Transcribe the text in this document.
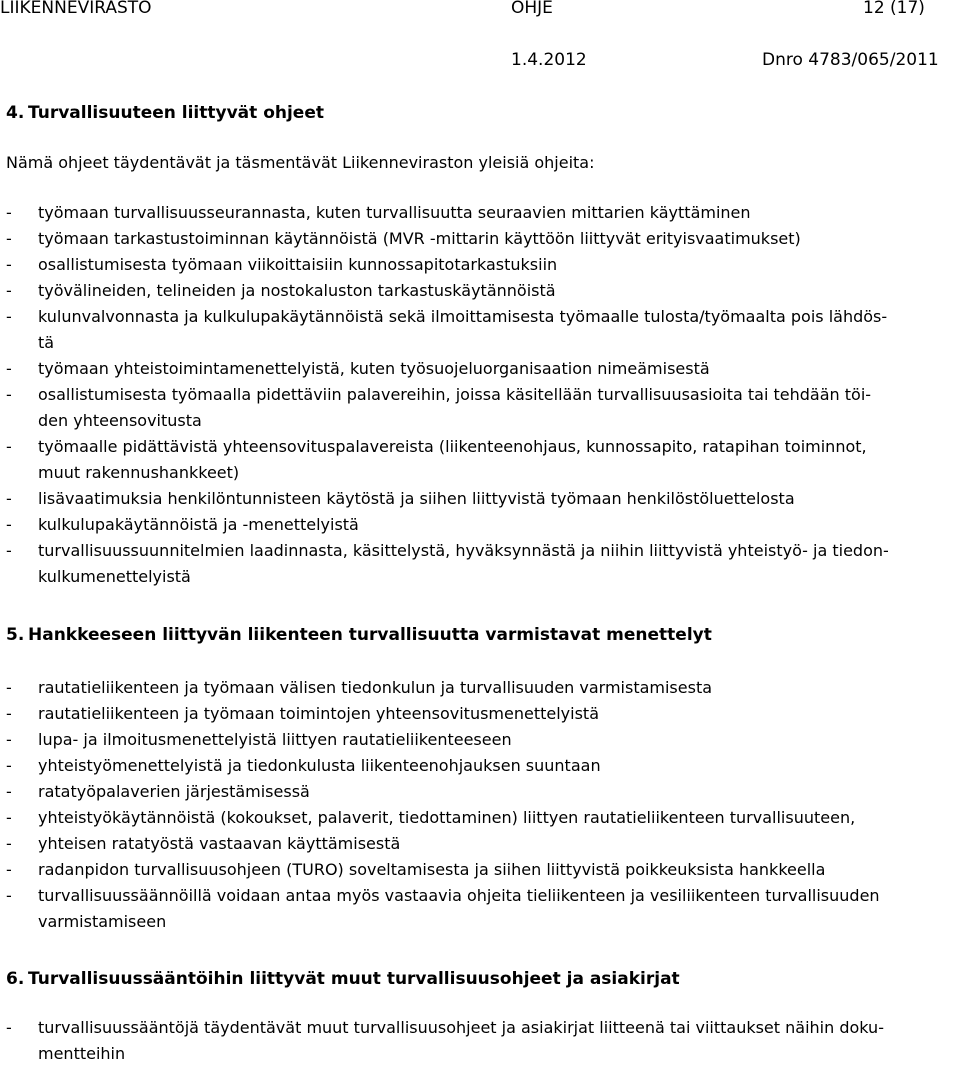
LIIKENNEVIRASTO	OHJE	12 (17)
1.4.2012	Dnro 4783/065/2011
4. Turvallisuuteen liittyvät ohjeet

Nämä ohjeet täydentävät ja täsmentävät Liikenneviraston yleisiä ohjeita:

- työmaan turvallisuusseurannasta, kuten turvallisuutta seuraavien mittarien käyttäminen
- työmaan tarkastustoiminnan käytännöistä (MVR -mittarin käyttöön liittyvät erityisvaatimukset)
- osallistumisesta työmaan viikoittaisiin kunnossapitotarkastuksiin
- työvälineiden, telineiden ja nostokaluston tarkastuskäytännöistä
- kulunvalvonnasta ja kulkulupakäytännöistä sekä ilmoittamisesta työmaalle tulosta/työmaalta pois lähdös-
tä
- työmaan yhteistoimintamenettelyistä, kuten työsuojeluorganisaation nimeämisestä
- osallistumisesta työmaalla pidettäviin palavereihin, joissa käsitellään turvallisuusasioita tai tehdään töi-
den yhteensovitusta
- työmaalle pidättävistä yhteensovituspalavereista (liikenteenohjaus, kunnossapito, ratapihan toiminnot,
muut rakennushankkeet)
- lisävaatimuksia henkilöntunnisteen käytöstä ja siihen liittyvistä työmaan henkilöstöluettelosta
- kulkulupakäytännöistä ja -menettelyistä
- turvallisuussuunnitelmien laadinnasta, käsittelystä, hyväksynnästä ja niihin liittyvistä yhteistyö- ja tiedon-
kulkumenettelyistä
5. Hankkeeseen liittyvän liikenteen turvallisuutta varmistavat menettelyt
- rautatieliikenteen ja työmaan välisen tiedonkulun ja turvallisuuden varmistamisesta
- rautatieliikenteen ja työmaan toimintojen yhteensovitusmenettelyistä
- lupa- ja ilmoitusmenettelyistä liittyen rautatieliikenteeseen
- yhteistyömenettelyistä ja tiedonkulusta liikenteenohjauksen suuntaan
- ratatyöpalaverien järjestämisessä
- yhteistyökäytännöistä (kokoukset, palaverit, tiedottaminen) liittyen rautatieliikenteen turvallisuuteen,
- yhteisen ratatyöstä vastaavan käyttämisestä
- radanpidon turvallisuusohjeen (TURO) soveltamisesta ja siihen liittyvistä poikkeuksista hankkeella
- turvallisuussäännöillä voidaan antaa myös vastaavia ohjeita tieliikenteen ja vesiliikenteen turvallisuuden
varmistamiseen
6. Turvallisuussääntöihin liittyvät muut turvallisuusohjeet ja asiakirjat
- turvallisuussääntöjä täydentävät muut turvallisuusohjeet ja asiakirjat liitteenä tai viittaukset näihin doku-
mentteihin
